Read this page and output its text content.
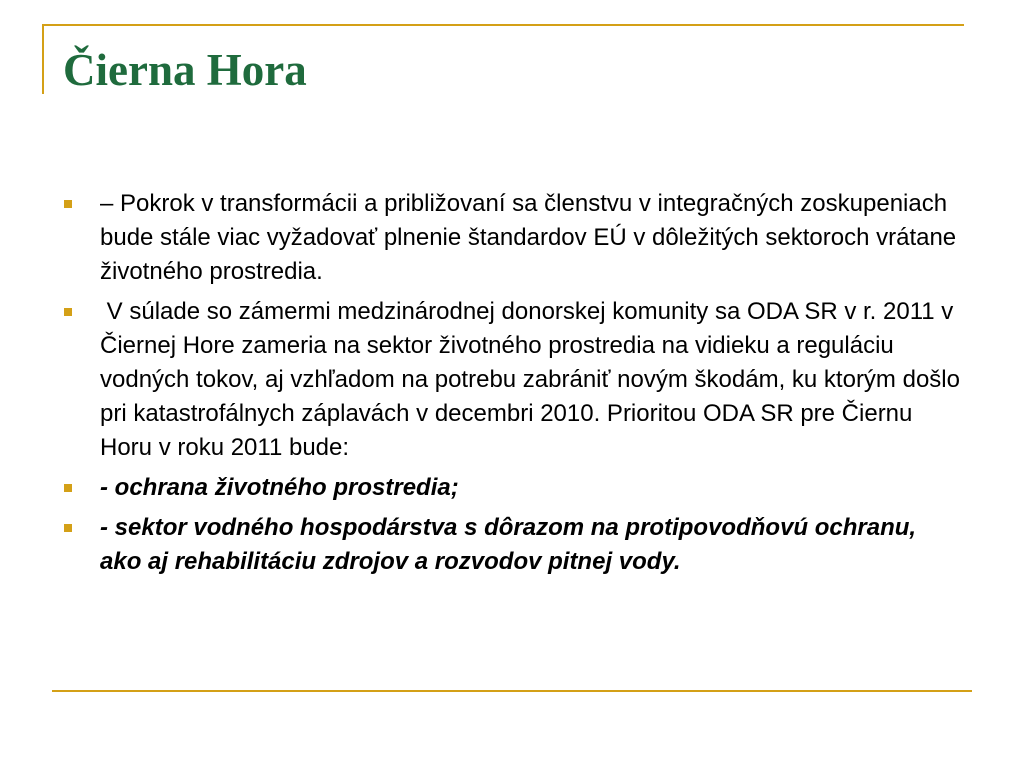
Čierna Hora
– Pokrok v transformácii a približovaní sa členstvu v integračných zoskupeniach bude stále viac vyžadovať plnenie štandardov EÚ v dôležitých sektoroch vrátane životného prostredia.
V súlade so zámermi medzinárodnej donorskej komunity sa ODA SR v r. 2011 v Čiernej Hore zameria na sektor životného prostredia na vidieku a reguláciu vodných tokov, aj vzhľadom na potrebu zabrániť novým škodám, ku ktorým došlo pri katastrofálnych záplavách v decembri 2010. Prioritou ODA SR pre Čiernu Horu v roku 2011 bude:
- ochrana životného prostredia;
- sektor vodného hospodárstva s dôrazom na protipovodňovú ochranu, ako aj rehabilitáciu zdrojov a rozvodov pitnej vody.
